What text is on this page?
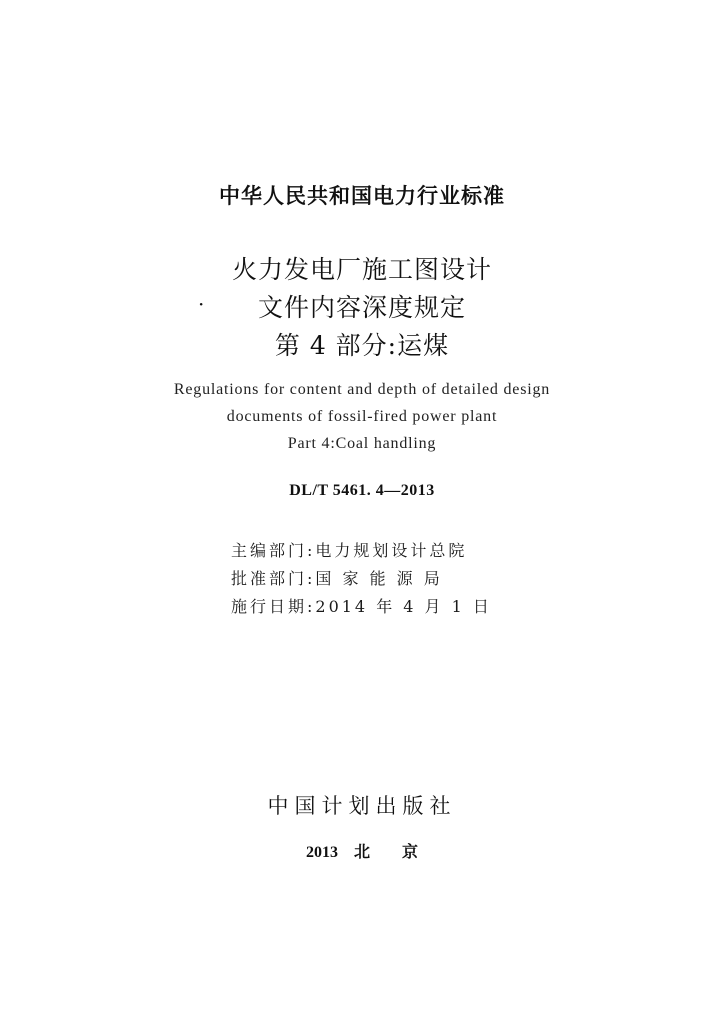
中华人民共和国电力行业标准
火力发电厂施工图设计
·	文件内容深度规定
第 4 部分:运煤
Regulations for content and depth of detailed design
documents of fossil-fired power plant
Part 4:Coal handling
DL/T 5461. 4—2013
主编部门:电力规划设计总院
批准部门:国 家 能 源 局
施行日期:2014 年 4 月 1 日
中国计划出版社
2013  北    京
